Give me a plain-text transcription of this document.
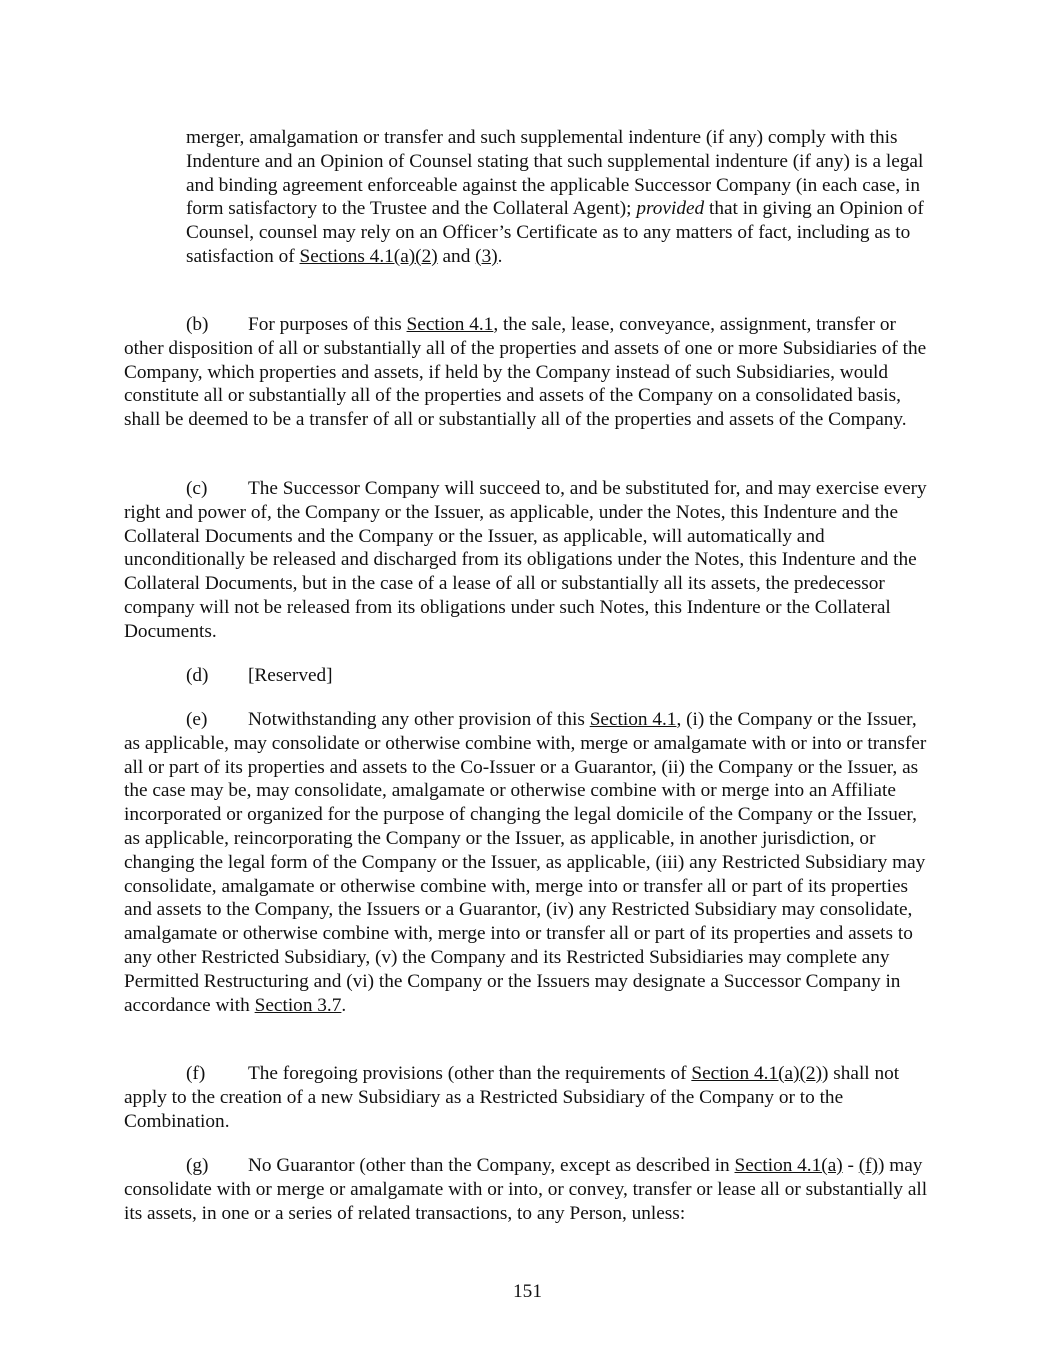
merger, amalgamation or transfer and such supplemental indenture (if any) comply with this Indenture and an Opinion of Counsel stating that such supplemental indenture (if any) is a legal and binding agreement enforceable against the applicable Successor Company (in each case, in form satisfactory to the Trustee and the Collateral Agent); provided that in giving an Opinion of Counsel, counsel may rely on an Officer’s Certificate as to any matters of fact, including as to satisfaction of Sections 4.1(a)(2) and (3).

(b) For purposes of this Section 4.1, the sale, lease, conveyance, assignment, transfer or other disposition of all or substantially all of the properties and assets of one or more Subsidiaries of the Company, which properties and assets, if held by the Company instead of such Subsidiaries, would constitute all or substantially all of the properties and assets of the Company on a consolidated basis, shall be deemed to be a transfer of all or substantially all of the properties and assets of the Company.

(c) The Successor Company will succeed to, and be substituted for, and may exercise every right and power of, the Company or the Issuer, as applicable, under the Notes, this Indenture and the Collateral Documents and the Company or the Issuer, as applicable, will automatically and unconditionally be released and discharged from its obligations under the Notes, this Indenture and the Collateral Documents, but in the case of a lease of all or substantially all its assets, the predecessor company will not be released from its obligations under such Notes, this Indenture or the Collateral Documents.

(d) [Reserved]

(e) Notwithstanding any other provision of this Section 4.1, (i) the Company or the Issuer, as applicable, may consolidate or otherwise combine with, merge or amalgamate with or into or transfer all or part of its properties and assets to the Co-Issuer or a Guarantor, (ii) the Company or the Issuer, as the case may be, may consolidate, amalgamate or otherwise combine with or merge into an Affiliate incorporated or organized for the purpose of changing the legal domicile of the Company or the Issuer, as applicable, reincorporating the Company or the Issuer, as applicable, in another jurisdiction, or changing the legal form of the Company or the Issuer, as applicable, (iii) any Restricted Subsidiary may consolidate, amalgamate or otherwise combine with, merge into or transfer all or part of its properties and assets to the Company, the Issuers or a Guarantor, (iv) any Restricted Subsidiary may consolidate, amalgamate or otherwise combine with, merge into or transfer all or part of its properties and assets to any other Restricted Subsidiary, (v) the Company and its Restricted Subsidiaries may complete any Permitted Restructuring and (vi) the Company or the Issuers may designate a Successor Company in accordance with Section 3.7.

(f) The foregoing provisions (other than the requirements of Section 4.1(a)(2)) shall not apply to the creation of a new Subsidiary as a Restricted Subsidiary of the Company or to the Combination.

(g) No Guarantor (other than the Company, except as described in Section 4.1(a) - (f)) may consolidate with or merge or amalgamate with or into, or convey, transfer or lease all or substantially all its assets, in one or a series of related transactions, to any Person, unless:

151
